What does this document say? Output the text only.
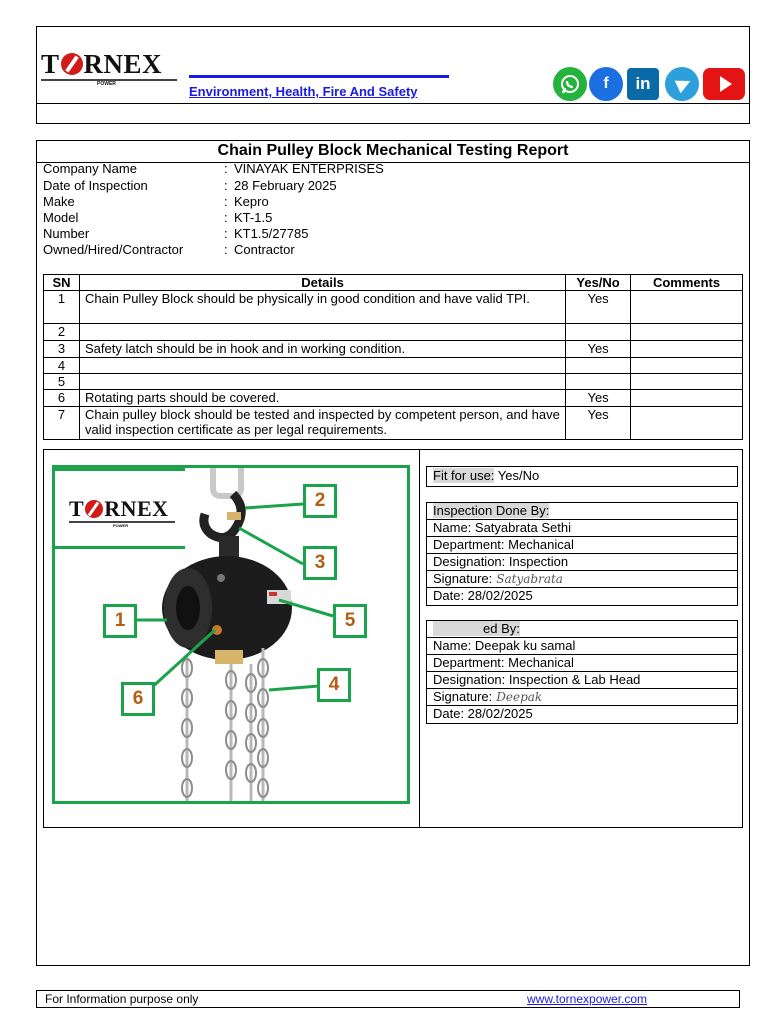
T RNEX
POWER	Environment, Health, Fire And Safety	f in
Chain Pulley Block Mechanical Testing Report
Company Name	: VINAYAK ENTERPRISES
Date of Inspection	: 28 February 2025
Make	: Kepro
Model	: KT-1.5
Number	: KT1.5/27785
Owned/Hired/Contractor	: Contractor
SN	Details	Yes/No	Comments
1	Chain Pulley Block should be physically in good condition and have valid TPI.	Yes	
2			
3	Safety latch should be in hook and in working condition.	Yes	
4			
5			
6	Rotating parts should be covered.	Yes	
7	Chain pulley block should be tested and inspected by competent person, and have valid inspection certificate as per legal requirements.	Yes	
T RNEX
POWER
2
3
1	5
4
6
Fit for use: Yes/No
Inspection Done By:
Name: Satyabrata Sethi
Department: Mechanical
Designation: Inspection
Signature: Satyabrata
Date: 28/02/2025
ed By:
Name: Deepak ku samal
Department: Mechanical
Designation: Inspection & Lab Head
Signature: Deepak
Date: 28/02/2025
For Information purpose only	www.tornexpower.com
